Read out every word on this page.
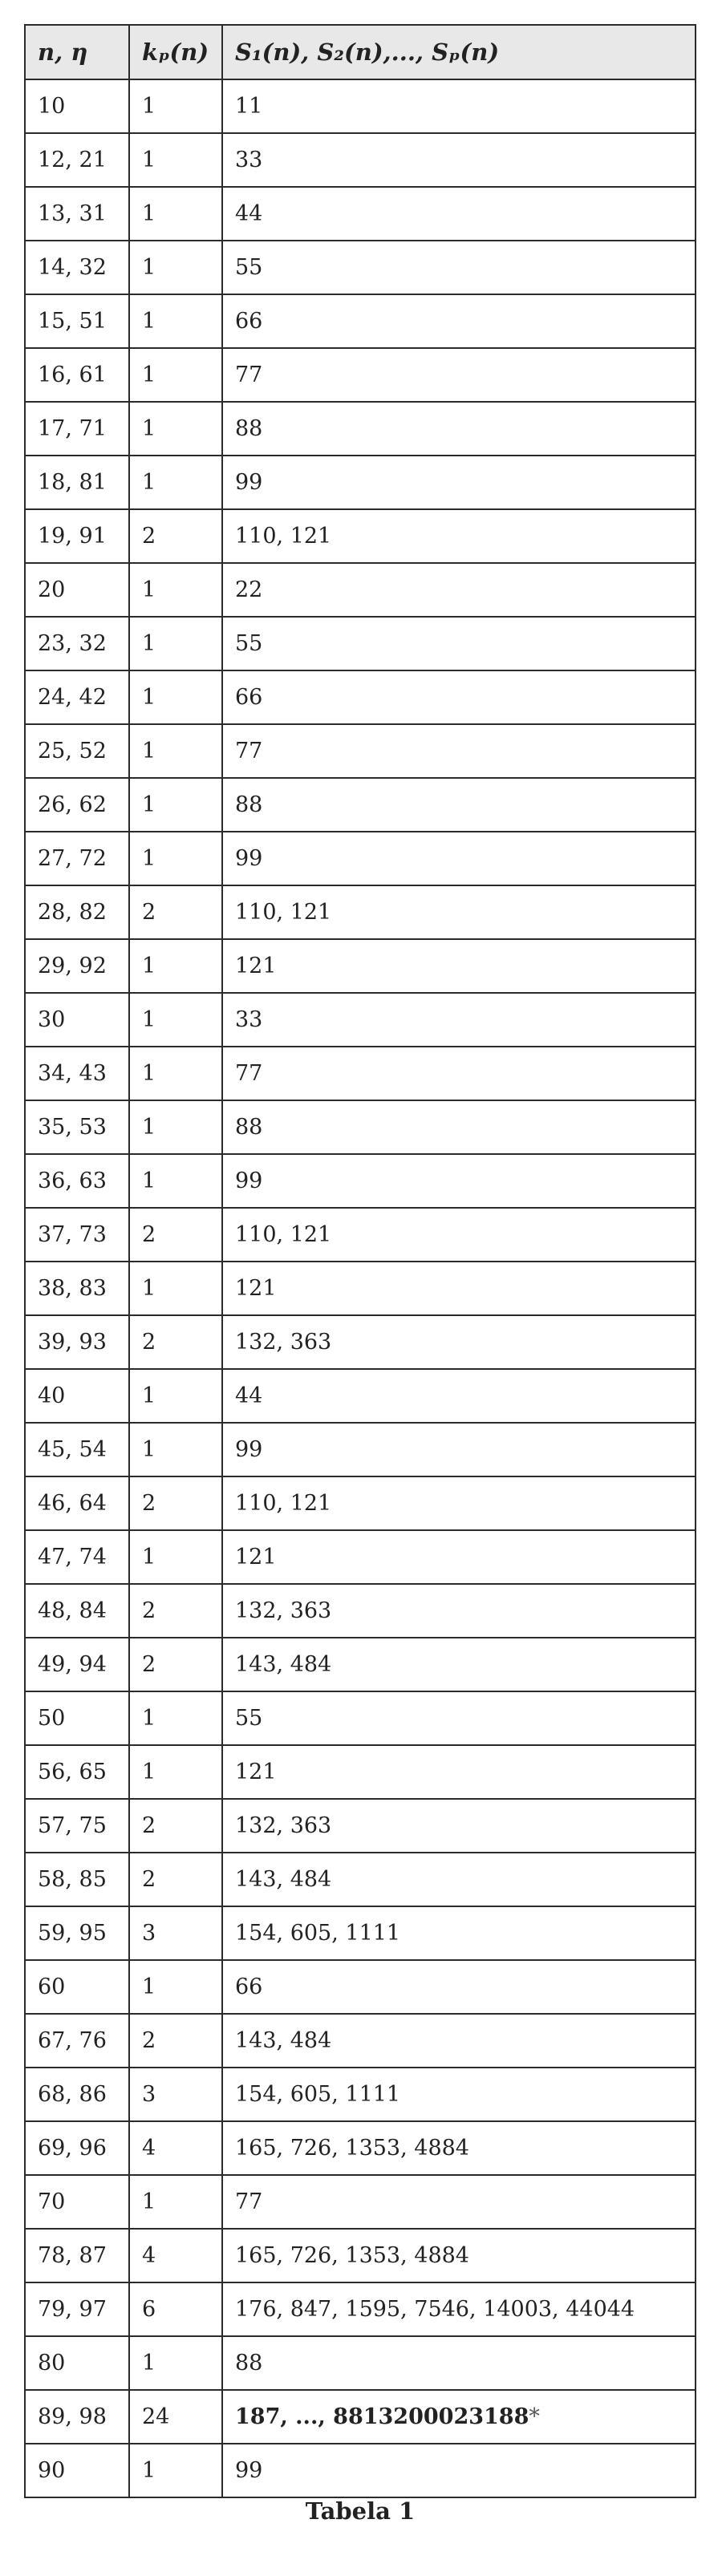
n, η	kₚ(n)	S₁(n), S₂(n),..., Sₚ(n)
10	1	11
12, 21	1	33
13, 31	1	44
14, 32	1	55
15, 51	1	66
16, 61	1	77
17, 71	1	88
18, 81	1	99
19, 91	2	110, 121
20	1	22
23, 32	1	55
24, 42	1	66
25, 52	1	77
26, 62	1	88
27, 72	1	99
28, 82	2	110, 121
29, 92	1	121
30	1	33
34, 43	1	77
35, 53	1	88
36, 63	1	99
37, 73	2	110, 121
38, 83	1	121
39, 93	2	132, 363
40	1	44
45, 54	1	99
46, 64	2	110, 121
47, 74	1	121
48, 84	2	132, 363
49, 94	2	143, 484
50	1	55
56, 65	1	121
57, 75	2	132, 363
58, 85	2	143, 484
59, 95	3	154, 605, 1111
60	1	66
67, 76	2	143, 484
68, 86	3	154, 605, 1111
69, 96	4	165, 726, 1353, 4884
70	1	77
78, 87	4	165, 726, 1353, 4884
79, 97	6	176, 847, 1595, 7546, 14003, 44044
80	1	88
89, 98	24	187, ..., 8813200023188*
90	1	99
Tabela 1
